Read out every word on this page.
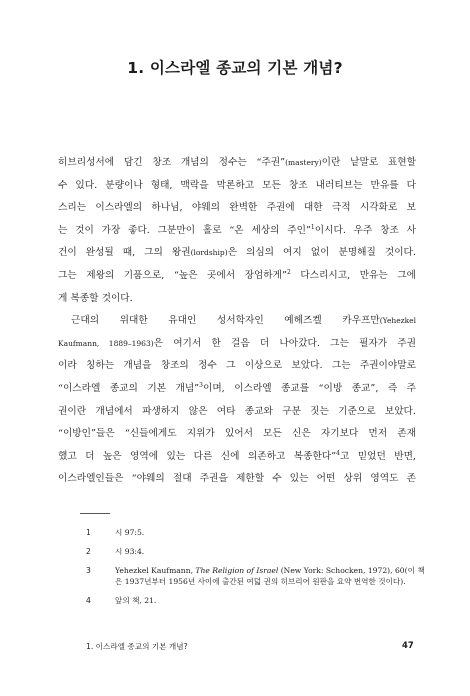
1. 이스라엘 종교의 기본 개념?
히브리성서에 담긴 창조 개념의 정수는 “주권”(mastery)이란 낱말로 표현할
수 있다. 분량이나 형태, 맥락을 막론하고 모든 창조 내러티브는 만유를 다
스리는 이스라엘의 하나님, 야웨의 완벽한 주권에 대한 극적 시각화로 보
는 것이 가장 좋다. 그분만이 홀로 “온 세상의 주인”$^1$이시다. 우주 창조 사
건이 완성될 때, 그의 왕권(lordship)은 의심의 여지 없이 분명해질 것이다.
그는 제왕의 기품으로, “높은 곳에서 장엄하게”$^2$ 다스리시고, 만유는 그에
게 복종할 것이다.
근대의 위대한 유대인 성서학자인 예헤즈켈 카우프만(Yehezkel
Kaufmann, 1889–1963)은 여기서 한 걸음 더 나아갔다. 그는 필자가 주권
이라 칭하는 개념을 창조의 정수 그 이상으로 보았다. 그는 주권이야말로
“이스라엘 종교의 기본 개념”$^3$이며, 이스라엘 종교를 “이방 종교”, 즉 주
권이란 개념에서 파생하지 않은 여타 종교와 구분 짓는 기준으로 보았다.
“이방인”들은 “신들에게도 지위가 있어서 모든 신은 자기보다 먼저 존재
했고 더 높은 영역에 있는 다른 신에 의존하고 복종한다”$^4$고 믿었던 반면,
이스라엘인들은 “야웨의 절대 주권을 제한할 수 있는 어떤 상위 영역도 존
1	시 97:5.
2	시 93:4.
3	Yehezkel Kaufmann, The Religion of Israel (New York: Schocken, 1972), 60(이 책은 1937년부터 1956년 사이에 출간된 여덟 권의 히브리어 원판을 요약 번역한 것이다).
4	앞의 책, 21.
1. 이스라엘 종교의 기본 개념?	47
